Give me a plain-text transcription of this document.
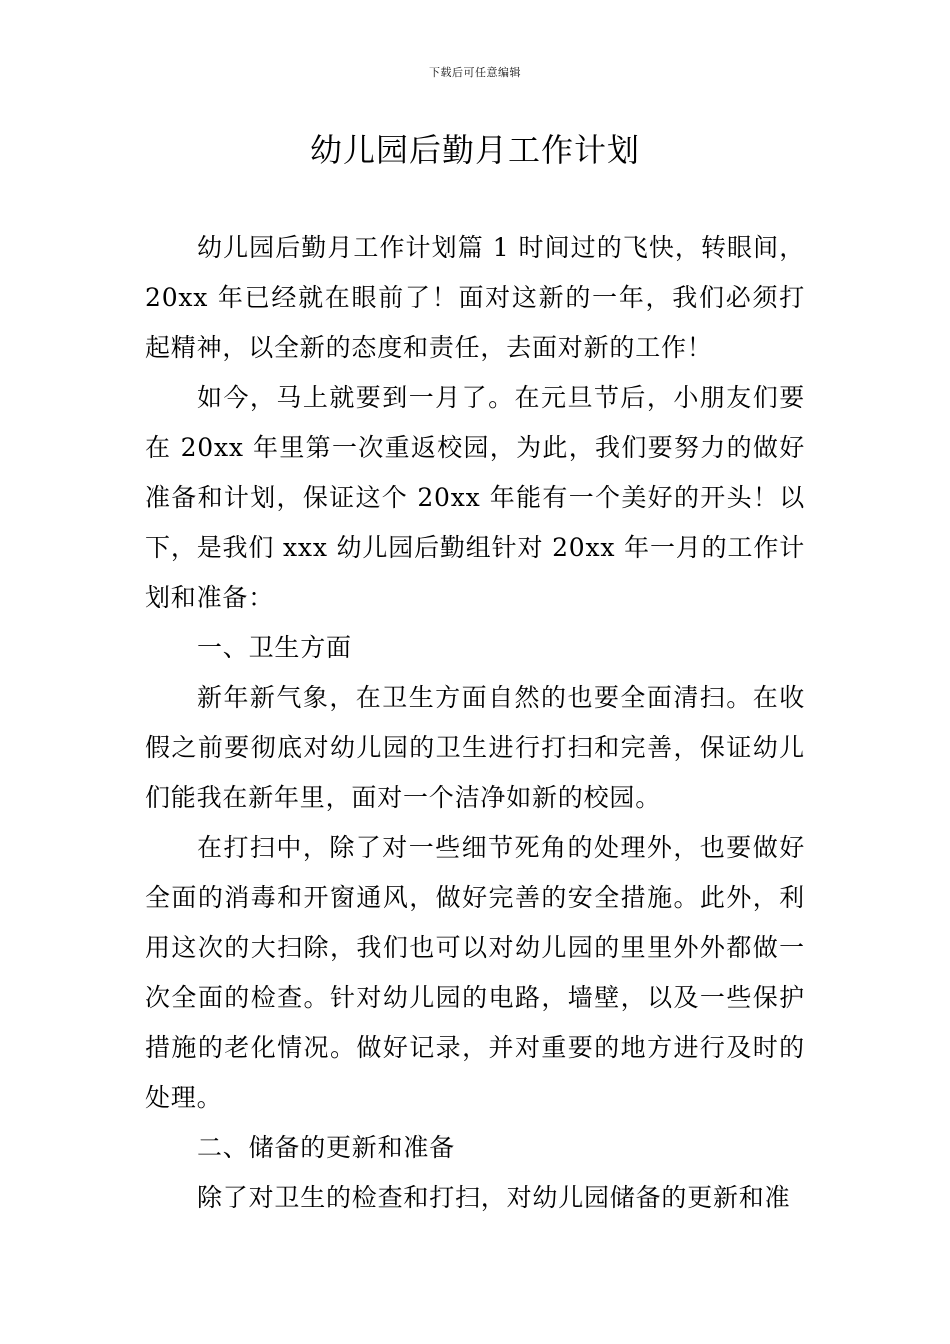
下载后可任意编辑
幼儿园后勤月工作计划

幼儿园后勤月工作计划篇 1 时间过的飞快，转眼间，20xx 年已经就在眼前了！面对这新的一年，我们必须打起精神，以全新的态度和责任，去面对新的工作！

如今，马上就要到一月了。在元旦节后，小朋友们要在 20xx 年里第一次重返校园，为此，我们要努力的做好准备和计划，保证这个 20xx 年能有一个美好的开头！以下，是我们 xxx 幼儿园后勤组针对 20xx 年一月的工作计划和准备：

一、卫生方面

新年新气象，在卫生方面自然的也要全面清扫。在收假之前要彻底对幼儿园的卫生进行打扫和完善，保证幼儿们能我在新年里，面对一个洁净如新的校园。

在打扫中，除了对一些细节死角的处理外，也要做好全面的消毒和开窗通风，做好完善的安全措施。此外，利用这次的大扫除，我们也可以对幼儿园的里里外外都做一次全面的检查。针对幼儿园的电路，墙壁，以及一些保护措施的老化情况。做好记录，并对重要的地方进行及时的处理。

二、储备的更新和准备

除了对卫生的检查和打扫，对幼儿园储备的更新和准
